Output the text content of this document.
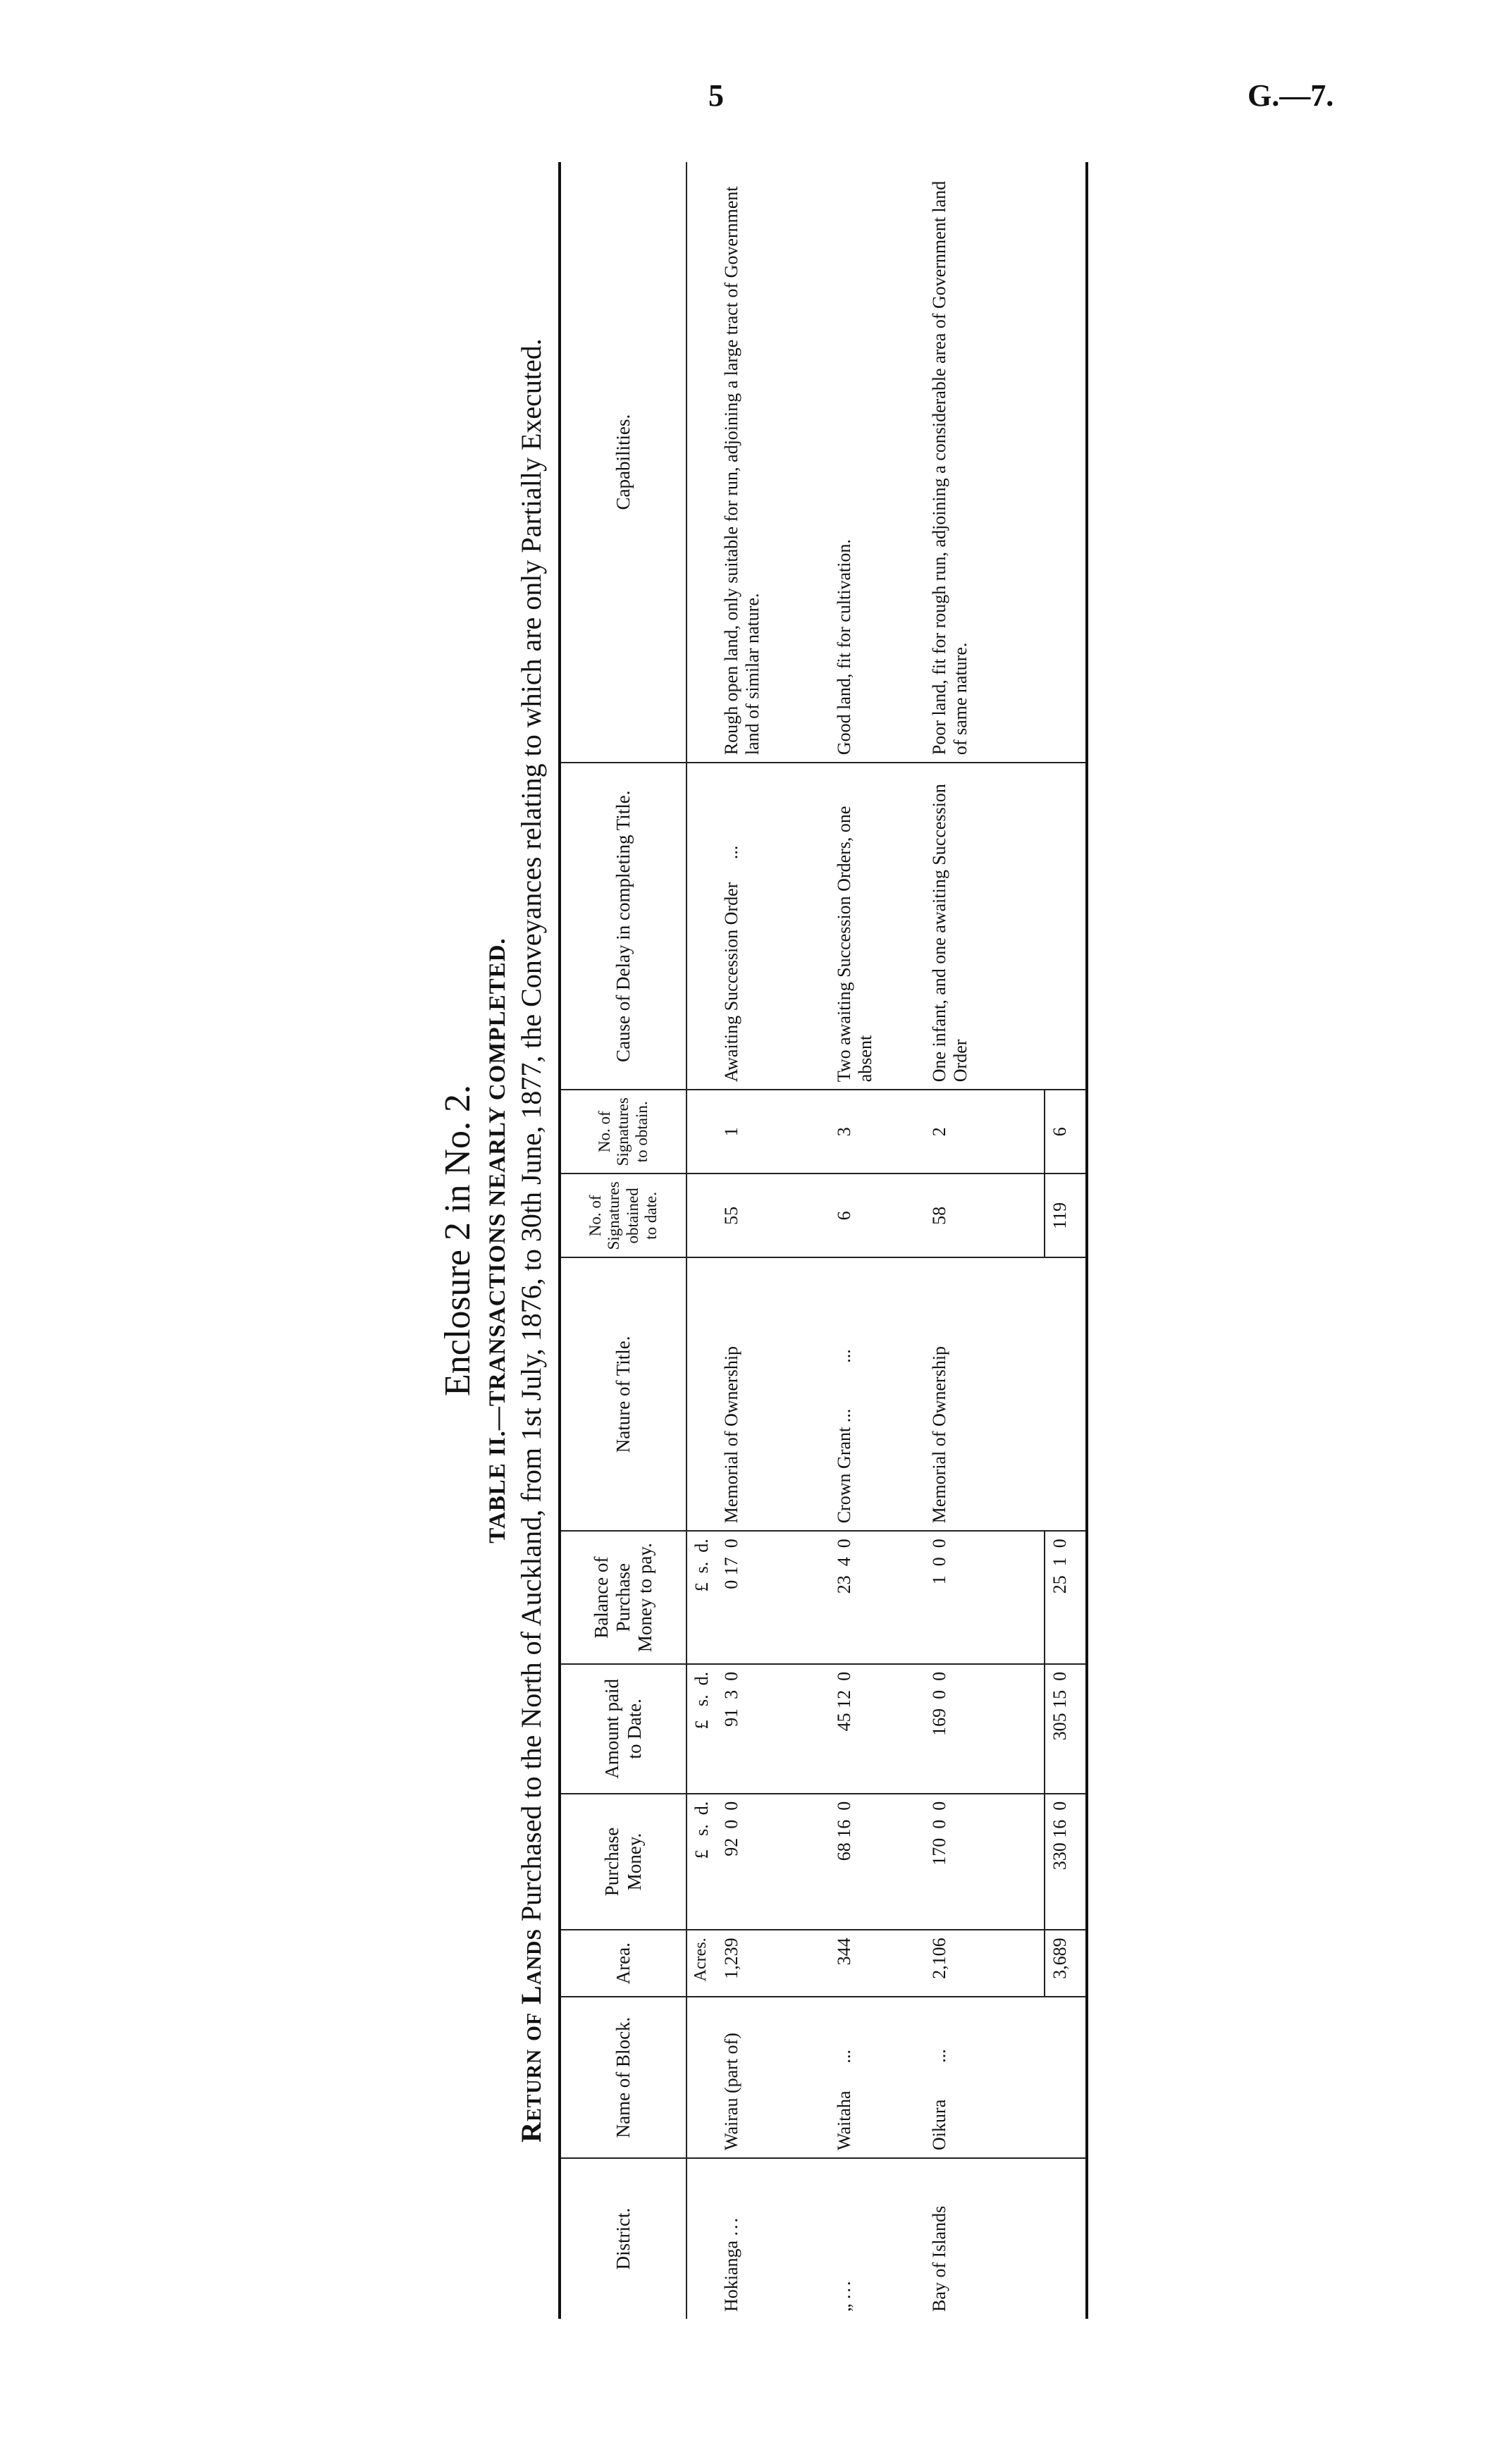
5	G.—7.
Enclosure 2 in No. 2. TABLE II.—TRANSACTIONS NEARLY COMPLETED.
Return of Lands Purchased to the North of Auckland, from 1st July, 1876, to 30th June, 1877, the Conveyances relating to which are only Partially Executed.
District.	Name of Block.	Area.	Purchase Money.	Amount paid to Date.	Balance of Purchase Money to pay.	Nature of Title.	No. of Signatures obtained to date.	No. of Signatures to obtain.	Cause of Delay in completing Title.	Capabilities.
		Acres.	£   s.  d.	£   s.  d.	£  s.  d.					
Hokianga ...	Wairau (part of)	1,239	92  0  0	91  3  0	0 17  0	Memorial of Ownership	55	1	Awaiting Succession Order     ...	Rough open land, only suitable for run, adjoining a large tract of Government land of similar nature.
„ ...	Waitaha      ...	344	68 16  0	45 12  0	23  4  0	Crown Grant ...          ...	6	3	Two awaiting Succession Orders, one absent	Good land, fit for cultivation.
Bay of Islands	Oikura        ...	2,106	170  0  0	169  0  0	1  0  0	Memorial of Ownership	58	2	One infant, and one awaiting Succession Order	Poor land, fit for rough run, adjoining a considerable area of Government land of same nature.
		3,689	330 16  0	305 15  0	25  1  0		119	6		
